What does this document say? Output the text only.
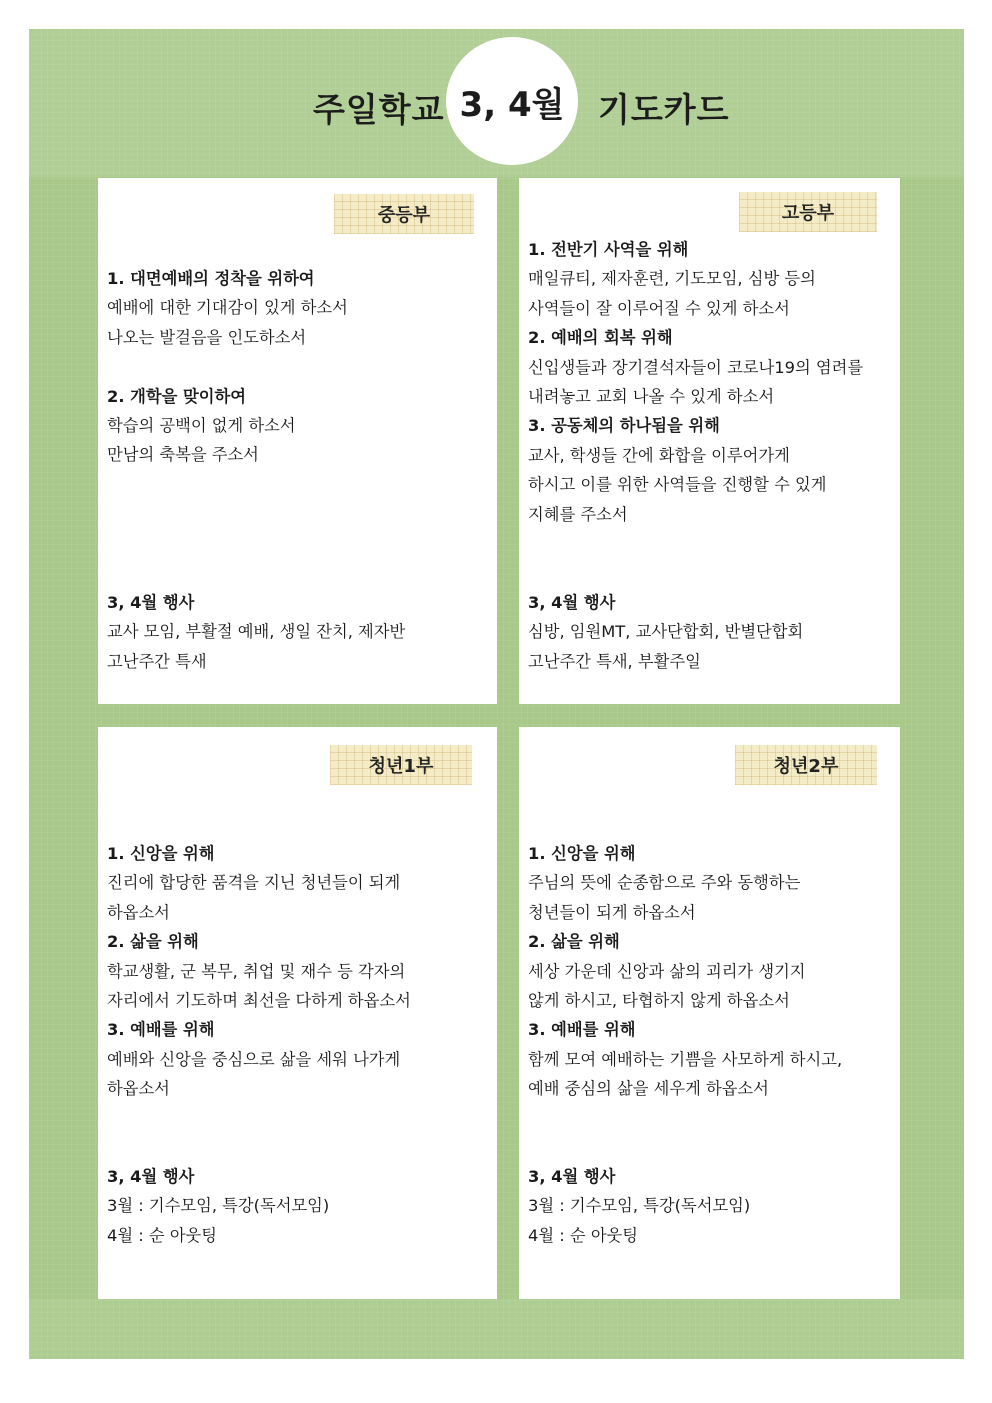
주일학교 3, 4월 기도카드
중등부
1. 대면예배의 정착을 위하여
예배에 대한 기대감이 있게 하소서
나오는 발걸음을 인도하소서
2. 개학을 맞이하여
학습의 공백이 없게 하소서
만남의 축복을 주소서
3, 4월 행사
교사 모임, 부활절 예배, 생일 잔치, 제자반
고난주간 특새
고등부
1. 전반기 사역을 위해
매일큐티, 제자훈련, 기도모임, 심방 등의
사역들이 잘 이루어질 수 있게 하소서
2. 예배의 회복 위해
신입생들과 장기결석자들이 코로나19의 염려를
내려놓고 교회 나올 수 있게 하소서
3. 공동체의 하나됨을 위해
교사, 학생들 간에 화합을 이루어가게
하시고 이를 위한 사역들을 진행할 수 있게
지혜를 주소서
3, 4월 행사
심방, 임원MT, 교사단합회, 반별단합회
고난주간 특새, 부활주일
청년1부
1. 신앙을 위해
진리에 합당한 품격을 지닌 청년들이 되게
하옵소서
2. 삶을 위해
학교생활, 군 복무, 취업 및 재수 등 각자의
자리에서 기도하며 최선을 다하게 하옵소서
3. 예배를 위해
예배와 신앙을 중심으로 삶을 세워 나가게
하옵소서
3, 4월 행사
3월 : 기수모임, 특강(독서모임)
4월 : 순 아웃팅
청년2부
1. 신앙을 위해
주님의 뜻에 순종함으로 주와 동행하는
청년들이 되게 하옵소서
2. 삶을 위해
세상 가운데 신앙과 삶의 괴리가 생기지
않게 하시고, 타협하지 않게 하옵소서
3. 예배를 위해
함께 모여 예배하는 기쁨을 사모하게 하시고,
예배 중심의 삶을 세우게 하옵소서
3, 4월 행사
3월 : 기수모임, 특강(독서모임)
4월 : 순 아웃팅
